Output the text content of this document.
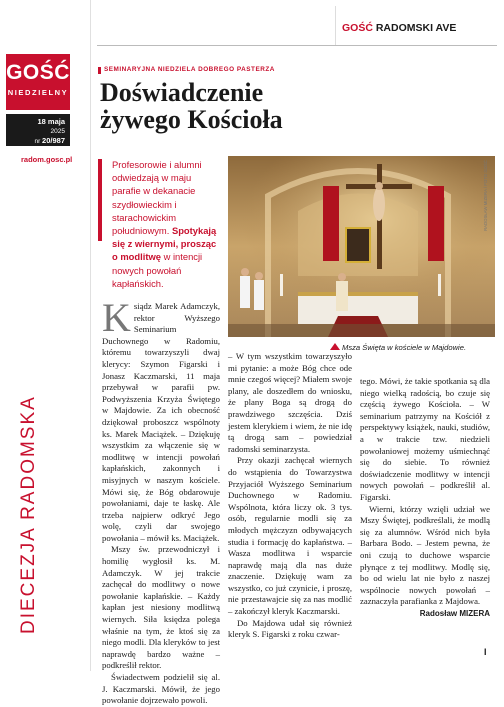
GOŚĆ
NIEDZIELNY
18 maja
2025
nr 20/987
radom.gosc.pl
DIECEZJA RADOMSKA
GOŚĆ RADOMSKI AVE
SEMINARYJNA NIEDZIELA DOBREGO PASTERZA
Doświadczenie żywego Kościoła
Profesorowie i alumni odwiedzają w maju parafie w dekanacie szydłowieckim i starachowickim południowym. Spotykają się z wiernymi, prosząc o modlitwę w intencji nowych powołań kapłańskich.
RADOSŁAW MIZERA / FOTO GOŚĆ
Msza Święta w kościele w Majdowie.

Ksiądz Marek Adamczyk, rektor Wyższego Seminarium Duchownego w Radomiu, któremu towarzyszyli dwaj klerycy: Szymon Figarski i Jonasz Kaczmarski, 11 maja przebywał w parafii pw. Podwyższenia Krzyża Świętego w Majdowie. Za ich obecność dziękował proboszcz wspólnoty ks. Marek Maciążek. – Dziękuję wszystkim za włączenie się w modlitwę w intencji powołań kapłańskich, zakonnych i misyjnych w naszym kościele. Mówi się, że Bóg obdarowuje powołaniami, daje te łaskę. Ale trzeba najpierw odkryć Jego wolę, czyli dar swojego powołania – mówił ks. Maciążek.

Mszy św. przewodniczył i homilię wygłosił ks. M. Adamczyk. W jej trakcie zachęcał do modlitwy o nowe powołanie kapłańskie. – Każdy kapłan jest niesiony modlitwą wiernych. Siła księdza polega właśnie na tym, że ktoś się za niego modli. Dla kleryków to jest naprawdę bardzo ważne – podkreślił rektor.

Świadectwem podzielił się al. J. Kaczmarski. Mówił, że jego powołanie dojrzewało powoli.

– W tym wszystkim towarzyszyło mi pytanie: a może Bóg chce ode mnie czegoś więcej? Miałem swoje plany, ale doszedłem do wniosku, że plany Boga są drogą do prawdziwego szczęścia. Dziś jestem klerykiem i wiem, że nie idę tą drogą sam – powiedział radomski seminarzysta.

Przy okazji zachęcał wiernych do wstąpienia do Towarzystwa Przyjaciół Wyższego Seminarium Duchownego w Radomiu. Wspólnota, która liczy ok. 3 tys. osób, regularnie modli się za młodych mężczyzn odbywających studia i formację do kapłaństwa. – Wasza modlitwa i wsparcie naprawdę mają dla nas duże znaczenie. Dziękuję wam za wszystko, co już czynicie, i proszę, nie przestawajcie się za nas modlić – zakończył kleryk Kaczmarski.

Do Majdowa udał się również kleryk S. Figarski z roku czwar-

tego. Mówi, że takie spotkania są dla niego wielką radością, bo czuje się częścią żywego Kościoła. – W seminarium patrzymy na Kościół z perspektywy książek, nauki, studiów, a w trakcie tzw. niedzieli powołaniowej możemy uśmiechnąć się do siebie. To również doświadczenie modlitwy w intencji nowych powołań – podkreślił al. Figarski.

Wierni, którzy wzięli udział we Mszy Świętej, podkreślali, że modlą się za alumnów. Wśród nich była Barbara Bodo. – Jestem pewna, że oni czują to duchowe wsparcie płynące z tej modlitwy. Modlę się, bo od wielu lat nie było z naszej wspólnocie nowych powołań – zaznaczyła parafianka z Majdowa.

Radosław MIZERA

I
